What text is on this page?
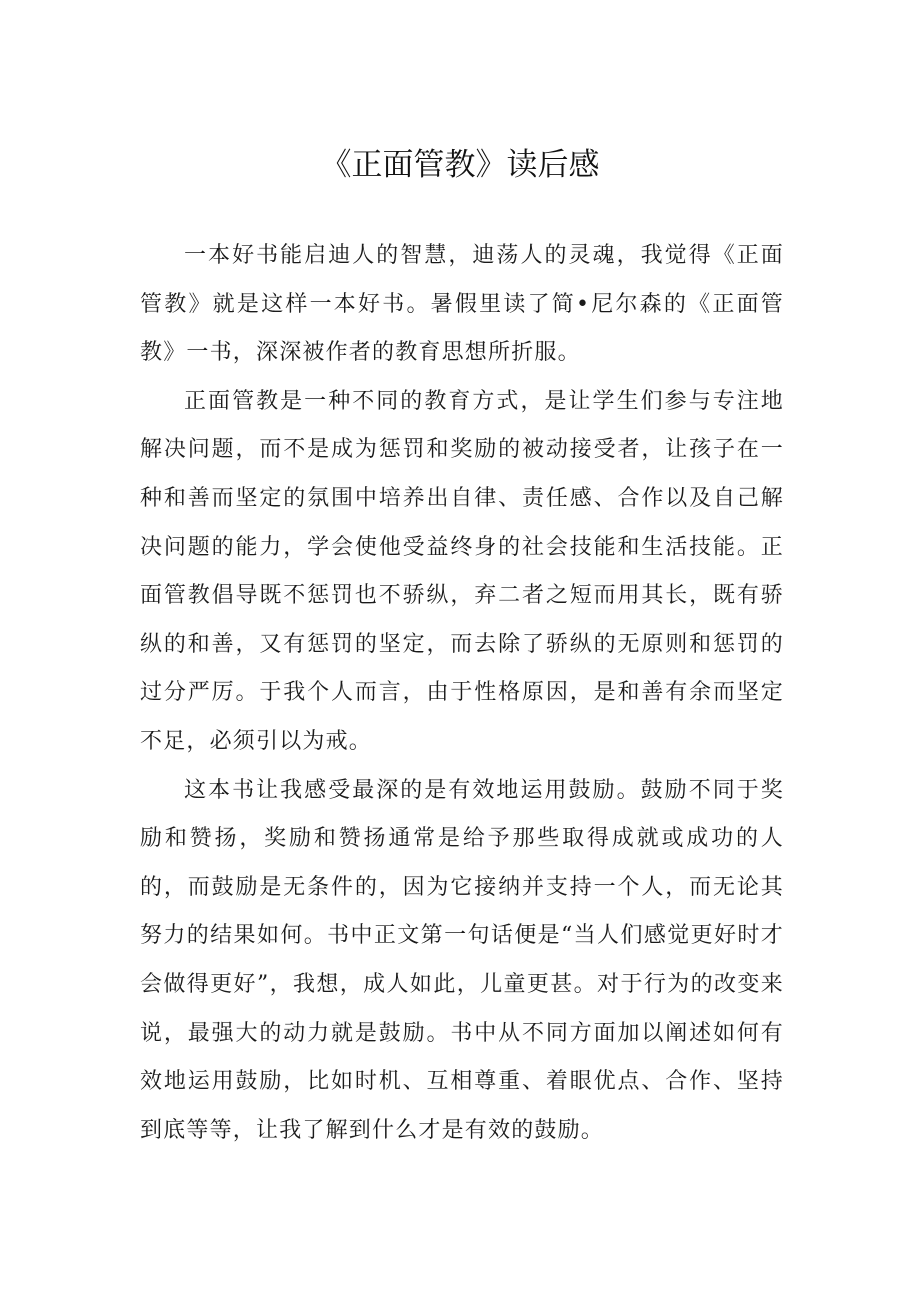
《正面管教》读后感

一本好书能启迪人的智慧，迪荡人的灵魂，我觉得《正面管教》就是这样一本好书。暑假里读了简•尼尔森的《正面管教》一书，深深被作者的教育思想所折服。

正面管教是一种不同的教育方式，是让学生们参与专注地解决问题，而不是成为惩罚和奖励的被动接受者，让孩子在一种和善而坚定的氛围中培养出自律、责任感、合作以及自己解决问题的能力，学会使他受益终身的社会技能和生活技能。正面管教倡导既不惩罚也不骄纵，弃二者之短而用其长，既有骄纵的和善，又有惩罚的坚定，而去除了骄纵的无原则和惩罚的过分严厉。于我个人而言，由于性格原因，是和善有余而坚定不足，必须引以为戒。

这本书让我感受最深的是有效地运用鼓励。鼓励不同于奖励和赞扬，奖励和赞扬通常是给予那些取得成就或成功的人的，而鼓励是无条件的，因为它接纳并支持一个人，而无论其努力的结果如何。书中正文第一句话便是“当人们感觉更好时才会做得更好”，我想，成人如此，儿童更甚。对于行为的改变来说，最强大的动力就是鼓励。书中从不同方面加以阐述如何有效地运用鼓励，比如时机、互相尊重、着眼优点、合作、坚持到底等等，让我了解到什么才是有效的鼓励。
